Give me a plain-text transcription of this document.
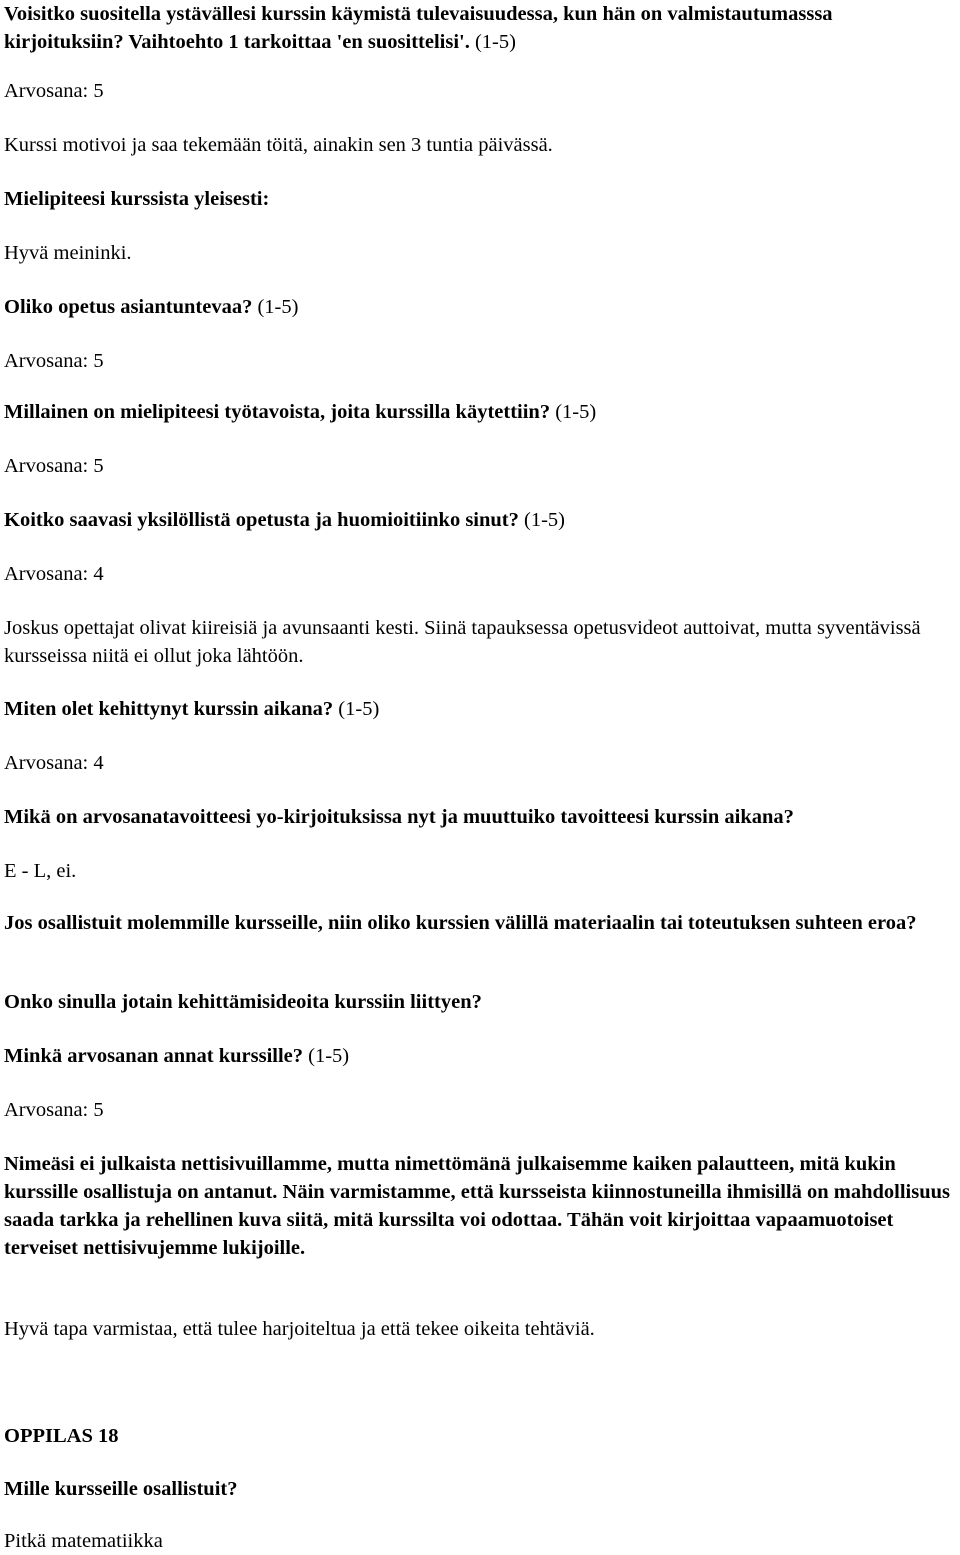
Voisitko suositella ystävällesi kurssin käymistä tulevaisuudessa, kun hän on valmistautumasssa kirjoituksiin? Vaihtoehto 1 tarkoittaa 'en suosittelisi'. (1-5)

Arvosana: 5

Kurssi motivoi ja saa tekemään töitä, ainakin sen 3 tuntia päivässä.

Mielipiteesi kurssista yleisesti:

Hyvä meininki.

Oliko opetus asiantuntevaa? (1-5)

Arvosana: 5

Millainen on mielipiteesi työtavoista, joita kurssilla käytettiin? (1-5)

Arvosana: 5

Koitko saavasi yksilöllistä opetusta ja huomioitiinko sinut? (1-5)

Arvosana: 4

Joskus opettajat olivat kiireisiä ja avunsaanti kesti. Siinä tapauksessa opetusvideot auttoivat, mutta syventävissä kursseissa niitä ei ollut joka lähtöön.

Miten olet kehittynyt kurssin aikana? (1-5)

Arvosana: 4

Mikä on arvosanatavoitteesi yo-kirjoituksissa nyt ja muuttuiko tavoitteesi kurssin aikana?

E - L, ei.

Jos osallistuit molemmille kursseille, niin oliko kurssien välillä materiaalin tai toteutuksen suhteen eroa?

Onko sinulla jotain kehittämisideoita kurssiin liittyen?

Minkä arvosanan annat kurssille? (1-5)

Arvosana: 5

Nimeäsi ei julkaista nettisivuillamme, mutta nimettömänä julkaisemme kaiken palautteen, mitä kukin kurssille osallistuja on antanut. Näin varmistamme, että kursseista kiinnostuneilla ihmisillä on mahdollisuus saada tarkka ja rehellinen kuva siitä, mitä kurssilta voi odottaa. Tähän voit kirjoittaa vapaamuotoiset terveiset nettisivujemme lukijoille.

Hyvä tapa varmistaa, että tulee harjoiteltua ja että tekee oikeita tehtäviä.

OPPILAS 18

Mille kursseille osallistuit?

Pitkä matematiikka
